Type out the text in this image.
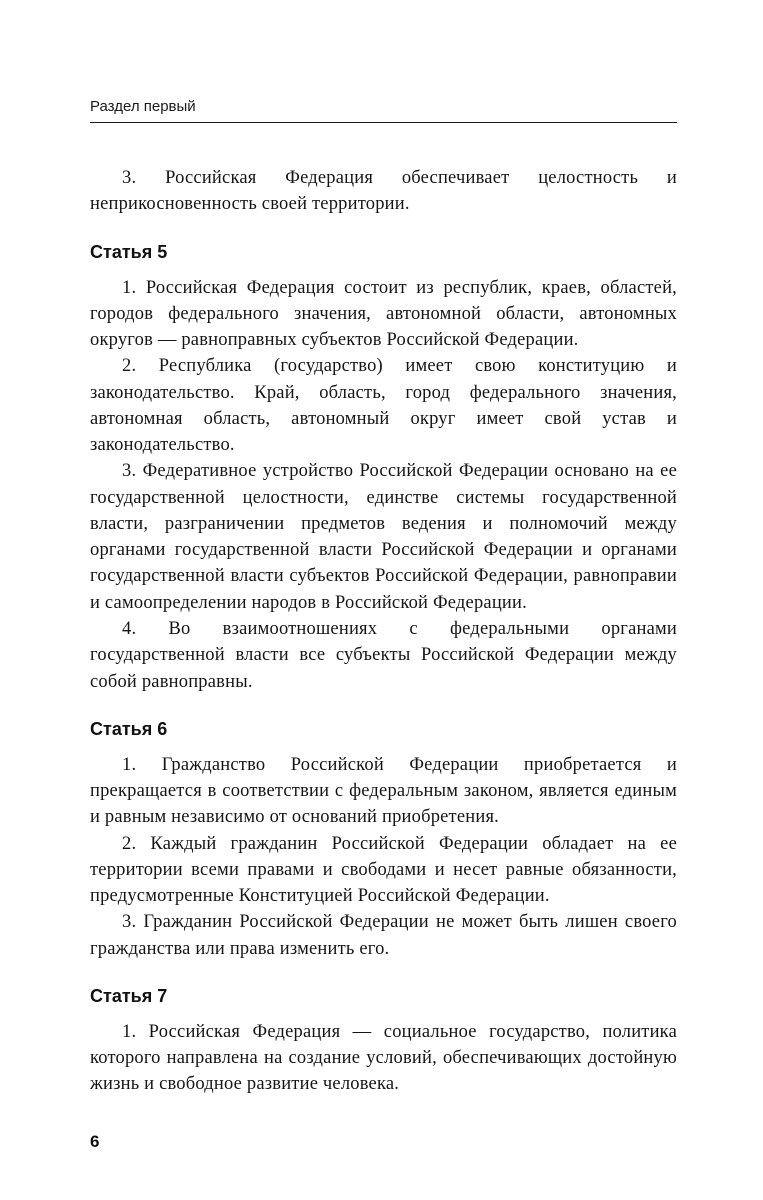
Раздел первый

3. Российская Федерация обеспечивает целостность и неприкосновенность своей территории.

Статья 5

1. Российская Федерация состоит из республик, краев, областей, городов федерального значения, автономной области, автономных округов — равноправных субъектов Российской Федерации.

2. Республика (государство) имеет свою конституцию и законодательство. Край, область, город федерального значения, автономная область, автономный округ имеет свой устав и законодательство.

3. Федеративное устройство Российской Федерации основано на ее государственной целостности, единстве системы государственной власти, разграничении предметов ведения и полномочий между органами государственной власти Российской Федерации и органами государственной власти субъектов Российской Федерации, равноправии и самоопределении народов в Российской Федерации.

4. Во взаимоотношениях с федеральными органами государственной власти все субъекты Российской Федерации между собой равноправны.

Статья 6

1. Гражданство Российской Федерации приобретается и прекращается в соответствии с федеральным законом, является единым и равным независимо от оснований приобретения.

2. Каждый гражданин Российской Федерации обладает на ее территории всеми правами и свободами и несет равные обязанности, предусмотренные Конституцией Российской Федерации.

3. Гражданин Российской Федерации не может быть лишен своего гражданства или права изменить его.

Статья 7

1. Российская Федерация — социальное государство, политика которого направлена на создание условий, обеспечивающих достойную жизнь и свободное развитие человека.

6
